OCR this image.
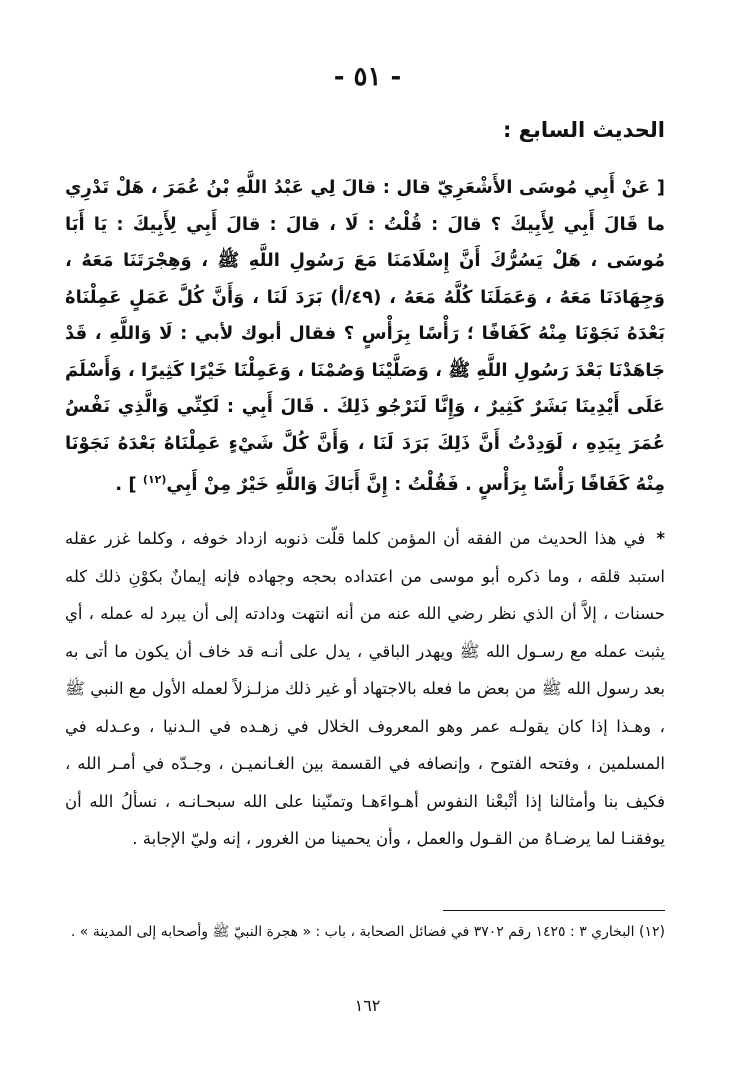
- ٥١ -
الحديث السابع :
[ عَنْ أَبِي مُوسَى الأَشْعَرِيّ قال : قالَ لِي عَبْدُ اللَّهِ بْنُ عُمَرَ ، هَلْ تَدْرِي ما قَالَ أَبِي لِأَبِيكَ ؟ قالَ : قُلْتُ : لَا ، قالَ : قالَ أَبِي لِأَبِيكَ : يَا أَبَا مُوسَى ، هَلْ يَسُرُّكَ أَنَّ إِسْلَامَنَا مَعَ رَسُولِ اللَّهِ ﷺ ، وَهِجْرَتَنَا مَعَهُ ، وَجِهَادَنَا مَعَهُ ، وَعَمَلَنَا كُلَّهُ مَعَهُ ، (٤٩/أ) بَرَدَ لَنَا ، وَأَنَّ كُلَّ عَمَلٍ عَمِلْنَاهُ بَعْدَهُ نَجَوْنَا مِنْهُ كَفَافًا ؛ رَأْسًا بِرَأْسٍ ؟ فقال أبوك لأبي : لَا وَاللَّهِ ، قَدْ جَاهَدْنَا بَعْدَ رَسُولِ اللَّهِ ﷺ ، وَصَلَّيْنَا وَصُمْنَا ، وَعَمِلْنَا خَيْرًا كَثِيرًا ، وَأَسْلَمَ عَلَى أَيْدِينَا بَشَرٌ كَثِيرٌ ، وَإِنَّا لَنَرْجُو ذَلِكَ . قَالَ أَبِي : لَكِنِّي وَالَّذِي نَفْسُ عُمَرَ بِيَدِهِ ، لَوَدِدْتُ أَنَّ ذَلِكَ بَرَدَ لَنَا ، وَأَنَّ كُلَّ شَيْءٍ عَمِلْنَاهُ بَعْدَهُ نَجَوْنَا مِنْهُ كَفَافًا رَأْسًا بِرَأْسٍ . فَقُلْتُ : إِنَّ أَبَاكَ وَاللَّهِ خَيْرٌ مِنْ أَبِي$^{(١٢)}$ ] .
* في هذا الحديث من الفقه أن المؤمن كلما قلّت ذنوبه ازداد خوفه ، وكلما غزر عقله استبد قلقه ، وما ذكره أبو موسى من اعتداده بحجه وجهاده فإنه إيمانٌ بكوْنِ ذلك كله حسنات ، إلاَّ أن الذي نظر رضي الله عنه من أنه انتهت ودادته إلى أن يبرد له عمله ، أي يثبت عمله مع رسـول الله ﷺ ويهدر الباقي ، يدل على أنـه قد خاف أن يكون ما أتى به بعد رسول الله ﷺ من بعض ما فعله بالاجتهاد أو غير ذلك مزلـزلاً لعمله الأول مع النبي ﷺ ، وهـذا إذا كان يقولـه عمر وهو المعروف الخلال في زهـده في الـدنيا ، وعـدله في المسلمين ، وفتحه الفتوح ، وإنصافه في القسمة بين الغـانميـن ، وجـدّه في أمـر الله ، فكيف بنا وأمثالنا إذا أتْبعْنا النفوس أهـواءَهـا وتمنّينا على الله سبحـانـه ، نسألُ الله أن يوفقنـا لما يرضـاهُ من القـول والعمل ، وأن يحمينا من الغرور ، إنه وليّ الإجابة .
(١٢) البخاري ٣ : ١٤٢٥ رقم ٣٧٠٢ في فضائل الصحابة ، باب : « هجرة النبيّ ﷺ وأصحابه إلى المدينة » .
١٦٢
